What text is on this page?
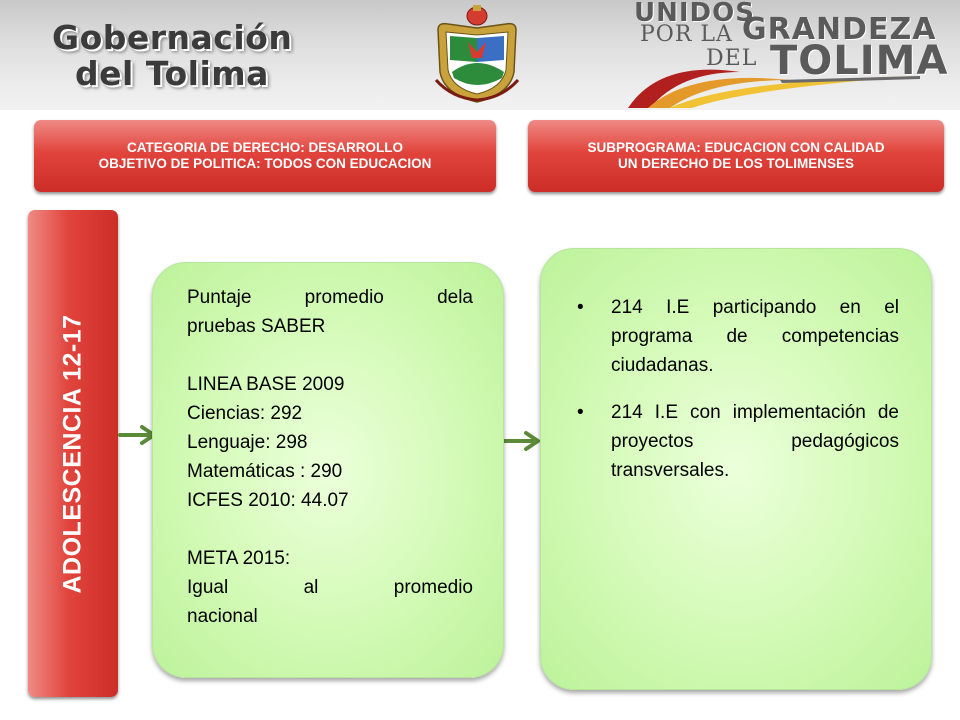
Gobernación
del Tolima
UNIDOS
POR LA GRANDEZA
DEL TOLIMA
CATEGORIA DE DERECHO: DESARROLLO
OBJETIVO DE POLITICA: TODOS CON EDUCACION
SUBPROGRAMA: EDUCACION CON CALIDAD
UN DERECHO DE LOS TOLIMENSES
ADOLESCENCIA 12-17

Puntaje promedio dela

pruebas SABER

LINEA BASE 2009

Ciencias: 292

Lenguaje: 298

Matemáticas : 290

ICFES 2010: 44.07

META 2015:

Igual al promedio

nacional

• 214 I.E participando en el programa de competencias ciudadanas.
• 214 I.E con implementación de proyectos pedagógicos transversales.
